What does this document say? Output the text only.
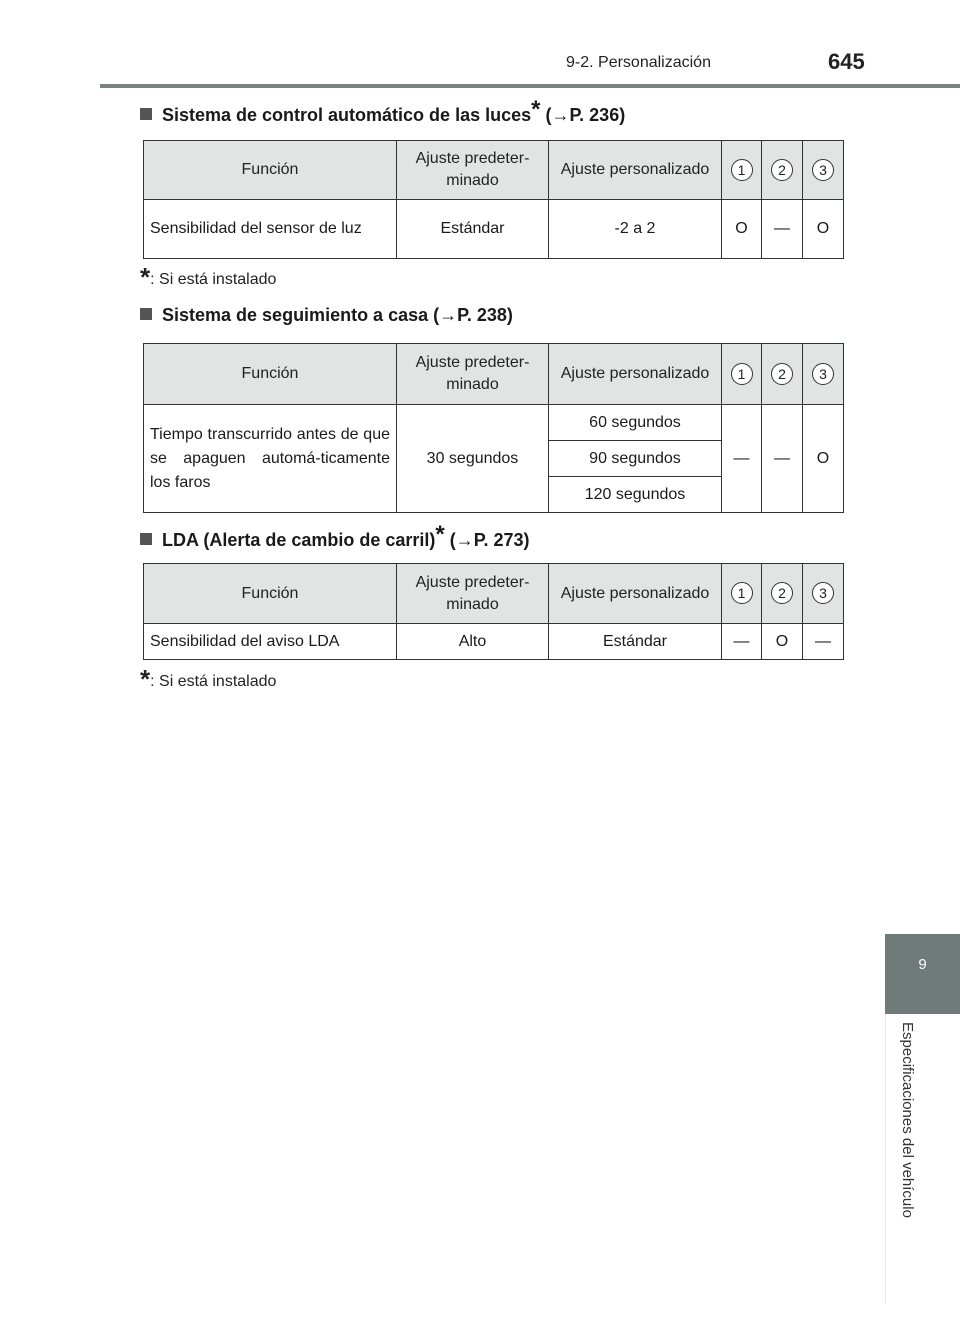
9-2. Personalización	645
9
Especificaciones del vehículo
Sistema de control automático de las luces* (→P. 236)
Función	Ajuste predeter-minado	Ajuste personalizado	1	2	3
Sensibilidad del sensor de luz	Estándar	-2 a 2	O	—	O
*: Si está instalado
Sistema de seguimiento a casa (→P. 238)
Función	Ajuste predeter-minado	Ajuste personalizado	1	2	3
Tiempo transcurrido antes de que se apaguen automá-ticamente los faros	30 segundos	60 segundos	—	—	O
		90 segundos			
		120 segundos			
LDA (Alerta de cambio de carril)* (→P. 273)
Función	Ajuste predeter-minado	Ajuste personalizado	1	2	3
Sensibilidad del aviso LDA	Alto	Estándar	—	O	—
*: Si está instalado
